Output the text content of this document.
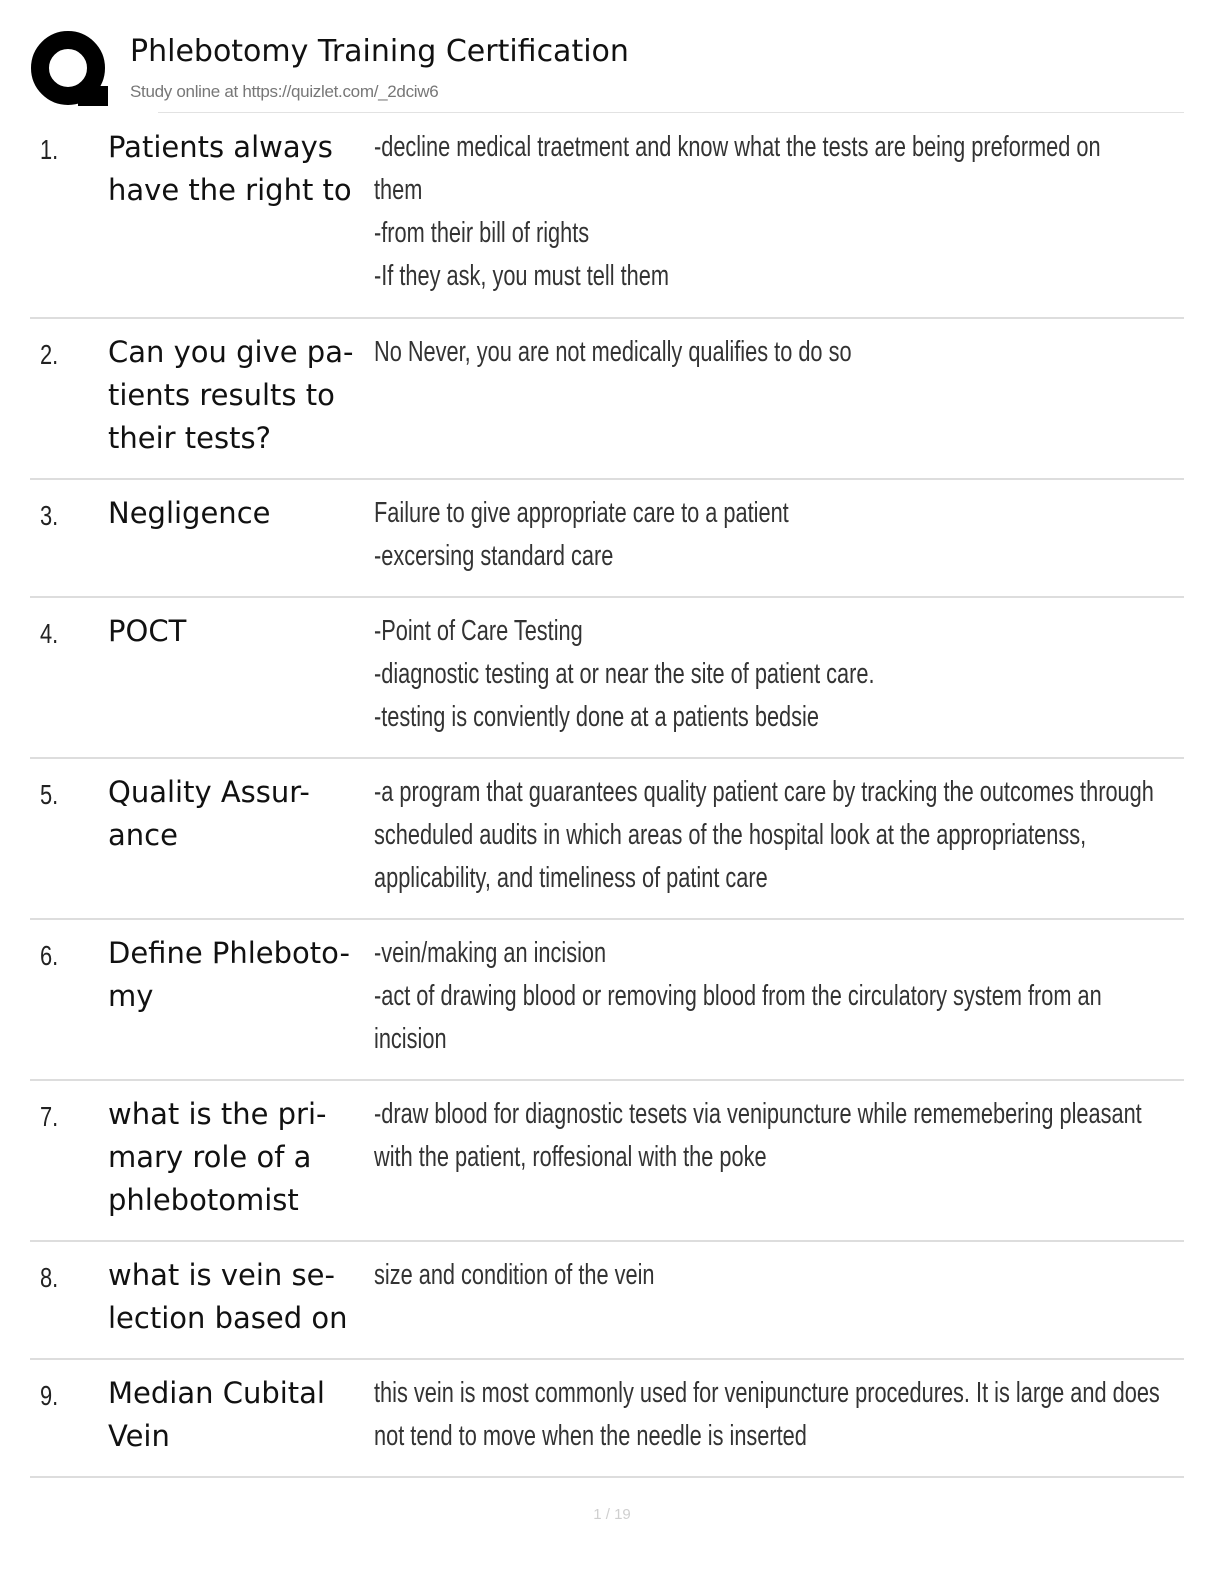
Phlebotomy Training Certification
Study online at https://quizlet.com/_2dciw6
1. Patients always have the right to
-decline medical traetment and know what the tests are being preformed on
them
-from their bill of rights
-If they ask, you must tell them
2. Can you give pa- tients results to their tests?
No Never, you are not medically qualifies to do so
3. Negligence	Failure to give appropriate care to a patient
-excersing standard care
4. POCT	-Point of Care Testing
-diagnostic testing at or near the site of patient care.
-testing is conviently done at a patients bedsie
5. Quality Assur- ance
-a program that guarantees quality patient care by tracking the outcomes through
scheduled audits in which areas of the hospital look at the appropriatenss,
applicability, and timeliness of patint care
6. Define Phleboto- my
-vein/making an incision
-act of drawing blood or removing blood from the circulatory system from an
incision
7. what is the pri- mary role of a phlebotomist
-draw blood for diagnostic tesets via venipuncture while rememebering pleasant
with the patient, roffesional with the poke
8. what is vein se- lection based on
size and condition of the vein
9. Median Cubital Vein
this vein is most commonly used for venipuncture procedures. It is large and does
not tend to move when the needle is inserted
1 / 19
